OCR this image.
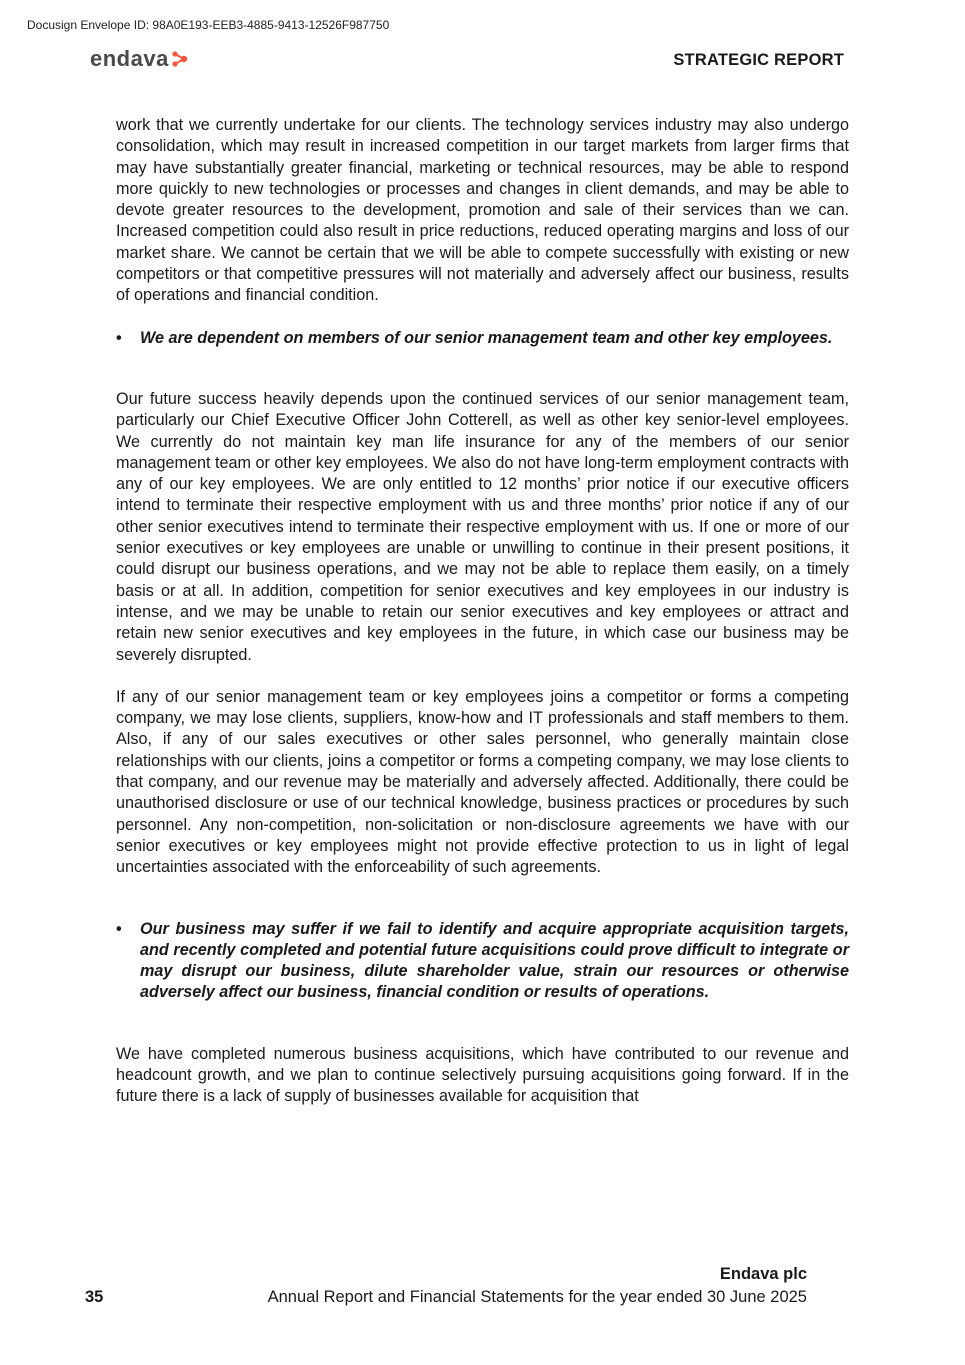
Docusign Envelope ID: 98A0E193-EEB3-4885-9413-12526F987750
endava	STRATEGIC REPORT

work that we currently undertake for our clients. The technology services industry may also undergo consolidation, which may result in increased competition in our target markets from larger firms that may have substantially greater financial, marketing or technical resources, may be able to respond more quickly to new technologies or processes and changes in client demands, and may be able to devote greater resources to the development, promotion and sale of their services than we can. Increased competition could also result in price reductions, reduced operating margins and loss of our market share. We cannot be certain that we will be able to compete successfully with existing or new competitors or that competitive pressures will not materially and adversely affect our business, results of operations and financial condition.

•	We are dependent on members of our senior management team and other key employees.

Our future success heavily depends upon the continued services of our senior management team, particularly our Chief Executive Officer John Cotterell, as well as other key senior-level employees. We currently do not maintain key man life insurance for any of the members of our senior management team or other key employees. We also do not have long-term employment contracts with any of our key employees. We are only entitled to 12 months’ prior notice if our executive officers intend to terminate their respective employment with us and three months’ prior notice if any of our other senior executives intend to terminate their respective employment with us. If one or more of our senior executives or key employees are unable or unwilling to continue in their present positions, it could disrupt our business operations, and we may not be able to replace them easily, on a timely basis or at all. In addition, competition for senior executives and key employees in our industry is intense, and we may be unable to retain our senior executives and key employees or attract and retain new senior executives and key employees in the future, in which case our business may be severely disrupted.

If any of our senior management team or key employees joins a competitor or forms a competing company, we may lose clients, suppliers, know-how and IT professionals and staff members to them. Also, if any of our sales executives or other sales personnel, who generally maintain close relationships with our clients, joins a competitor or forms a competing company, we may lose clients to that company, and our revenue may be materially and adversely affected. Additionally, there could be unauthorised disclosure or use of our technical knowledge, business practices or procedures by such personnel. Any non-competition, non-solicitation or non-disclosure agreements we have with our senior executives or key employees might not provide effective protection to us in light of legal uncertainties associated with the enforceability of such agreements.

•	Our business may suffer if we fail to identify and acquire appropriate acquisition targets, and recently completed and potential future acquisitions could prove difficult to integrate or may disrupt our business, dilute shareholder value, strain our resources or otherwise adversely affect our business, financial condition or results of operations.

We have completed numerous business acquisitions, which have contributed to our revenue and headcount growth, and we plan to continue selectively pursuing acquisitions going forward. If in the future there is a lack of supply of businesses available for acquisition that

Endava plc
35	Annual Report and Financial Statements for the year ended 30 June 2025
